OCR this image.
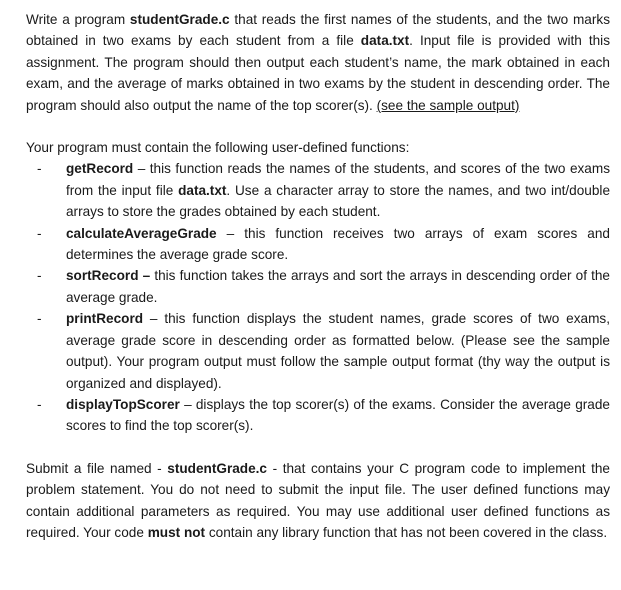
Write a program studentGrade.c that reads the first names of the students, and the two marks obtained in two exams by each student from a file data.txt. Input file is provided with this assignment. The program should then output each student’s name, the mark obtained in each exam, and the average of marks obtained in two exams by the student in descending order. The program should also output the name of the top scorer(s). (see the sample output)

Your program must contain the following user-defined functions:

- getRecord – this function reads the names of the students, and scores of the two exams from the input file data.txt. Use a character array to store the names, and two int/double arrays to store the grades obtained by each student.
- calculateAverageGrade – this function receives two arrays of exam scores and determines the average grade score.
- sortRecord – this function takes the arrays and sort the arrays in descending order of the average grade.
- printRecord – this function displays the student names, grade scores of two exams, average grade score in descending order as formatted below. (Please see the sample output). Your program output must follow the sample output format (thy way the output is organized and displayed).
- displayTopScorer – displays the top scorer(s) of the exams. Consider the average grade scores to find the top scorer(s).

Submit a file named - studentGrade.c - that contains your C program code to implement the problem statement. You do not need to submit the input file. The user defined functions may contain additional parameters as required. You may use additional user defined functions as required. Your code must not contain any library function that has not been covered in the class.
